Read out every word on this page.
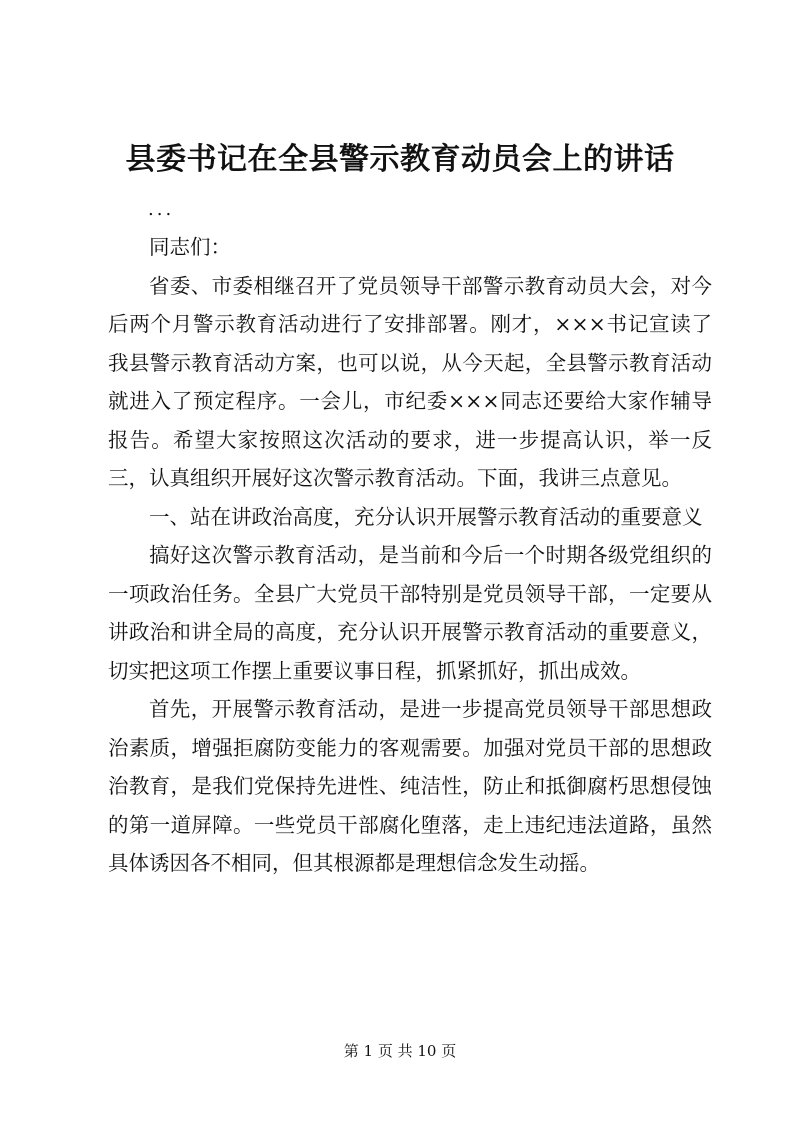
县委书记在全县警示教育动员会上的讲话
...

同志们：

省委、市委相继召开了党员领导干部警示教育动员大会，对今后两个月警示教育活动进行了安排部署。刚才，×××书记宣读了我县警示教育活动方案，也可以说，从今天起，全县警示教育活动就进入了预定程序。一会儿，市纪委×××同志还要给大家作辅导报告。希望大家按照这次活动的要求，进一步提高认识，举一反三，认真组织开展好这次警示教育活动。下面，我讲三点意见。

一、站在讲政治高度，充分认识开展警示教育活动的重要意义

搞好这次警示教育活动，是当前和今后一个时期各级党组织的一项政治任务。全县广大党员干部特别是党员领导干部，一定要从讲政治和讲全局的高度，充分认识开展警示教育活动的重要意义，切实把这项工作摆上重要议事日程，抓紧抓好，抓出成效。

首先，开展警示教育活动，是进一步提高党员领导干部思想政治素质，增强拒腐防变能力的客观需要。加强对党员干部的思想政治教育，是我们党保持先进性、纯洁性，防止和抵御腐朽思想侵蚀的第一道屏障。一些党员干部腐化堕落，走上违纪违法道路，虽然具体诱因各不相同，但其根源都是理想信念发生动摇。

第 1 页 共 10 页
